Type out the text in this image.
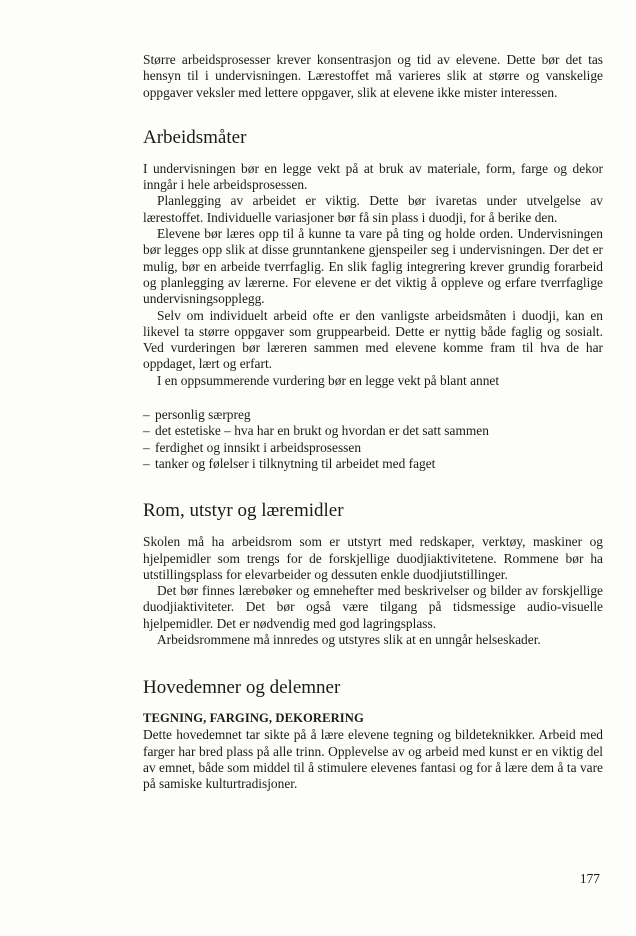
Større arbeidsprosesser krever konsentrasjon og tid av elevene. Dette bør det tas hensyn til i undervisningen. Lærestoffet må varieres slik at større og vanskelige oppgaver veksler med lettere oppgaver, slik at elevene ikke mister interessen.

Arbeidsmåter

I undervisningen bør en legge vekt på at bruk av materiale, form, farge og dekor inngår i hele arbeidsprosessen.

Planlegging av arbeidet er viktig. Dette bør ivaretas under utvelgelse av lærestoffet. Individuelle variasjoner bør få sin plass i duodji, for å berike den.

Elevene bør læres opp til å kunne ta vare på ting og holde orden. Undervisningen bør legges opp slik at disse grunntankene gjenspeiler seg i undervisningen. Der det er mulig, bør en arbeide tverrfaglig. En slik faglig integrering krever grundig forarbeid og planlegging av lærerne. For elevene er det viktig å oppleve og erfare tverrfaglige undervisningsopplegg.

Selv om individuelt arbeid ofte er den vanligste arbeidsmåten i duodji, kan en likevel ta større oppgaver som gruppearbeid. Dette er nyttig både faglig og sosialt. Ved vurderingen bør læreren sammen med elevene komme fram til hva de har oppdaget, lært og erfart.

I en oppsummerende vurdering bør en legge vekt på blant annet

– personlig særpreg
– det estetiske – hva har en brukt og hvordan er det satt sammen
– ferdighet og innsikt i arbeidsprosessen
– tanker og følelser i tilknytning til arbeidet med faget
Rom, utstyr og læremidler

Skolen må ha arbeidsrom som er utstyrt med redskaper, verktøy, maskiner og hjelpemidler som trengs for de forskjellige duodjiaktivitetene. Rommene bør ha utstillingsplass for elevarbeider og dessuten enkle duodjiutstillinger.

Det bør finnes lærebøker og emnehefter med beskrivelser og bilder av forskjellige duodjiaktiviteter. Det bør også være tilgang på tidsmessige audio-visuelle hjelpemidler. Det er nødvendig med god lagringsplass.

Arbeidsrommene må innredes og utstyres slik at en unngår helseskader.

Hovedemner og delemner
TEGNING, FARGING, DEKORERING

Dette hovedemnet tar sikte på å lære elevene tegning og bildeteknikker. Arbeid med farger har bred plass på alle trinn. Opplevelse av og arbeid med kunst er en viktig del av emnet, både som middel til å stimulere elevenes fantasi og for å lære dem å ta vare på samiske kulturtradisjoner.

177
